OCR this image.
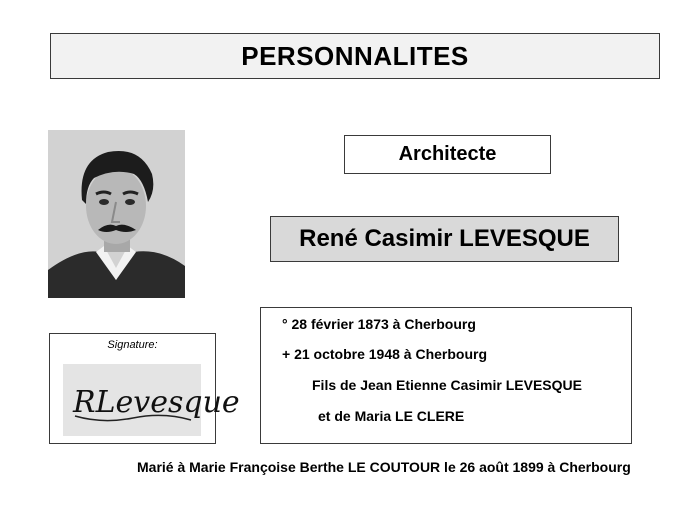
PERSONNALITES
Architecte
René Casimir LEVESQUE
Signature:
RLevesque
° 28 février 1873 à Cherbourg
+ 21 octobre 1948 à Cherbourg
Fils de Jean Etienne Casimir LEVESQUE
et de Maria LE CLERE
Marié à Marie Françoise Berthe LE COUTOUR le 26 août 1899 à Cherbourg
